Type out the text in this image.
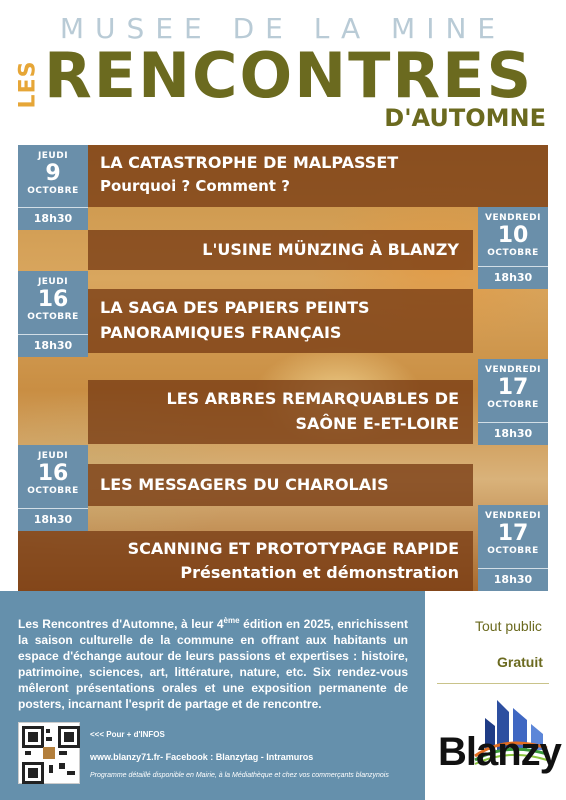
MUSEE DE LA MINE
LES RENCONTRES
D'AUTOMNE
JEUDI
9
OCTOBRE
18h30
LA CATASTROPHE DE MALPASSET
Pourquoi ? Comment ?
VENDREDI
10
OCTOBRE
18h30
L'USINE MÜNZING À BLANZY
JEUDI
16
OCTOBRE
18h30
LA SAGA DES PAPIERS PEINTS
PANORAMIQUES FRANÇAIS
VENDREDI
17
OCTOBRE
18h30
LES ARBRES REMARQUABLES DE
SAÔNE E-ET-LOIRE
JEUDI
16
OCTOBRE
18h30
LES MESSAGERS DU CHAROLAIS
VENDREDI
17
OCTOBRE
18h30
SCANNING ET PROTOTYPAGE RAPIDE
Présentation et démonstration

Les Rencontres d'Automne, à leur 4ème édition en 2025, enrichissent la saison culturelle de la commune en offrant aux habitants un espace d'échange autour de leurs passions et expertises : histoire, patrimoine, sciences, art, littérature, nature, etc. Six rendez-vous mêleront présentations orales et une exposition permanente de posters, incarnant l'esprit de partage et de rencontre.

<<< Pour + d'INFOS
www.blanzy71.fr- Facebook : Blanzytag - Intramuros
Programme détaillé disponible en Mairie, à la Médiathèque et chez vos commerçants blanzynois
Tout public
Gratuit
Blanzy
